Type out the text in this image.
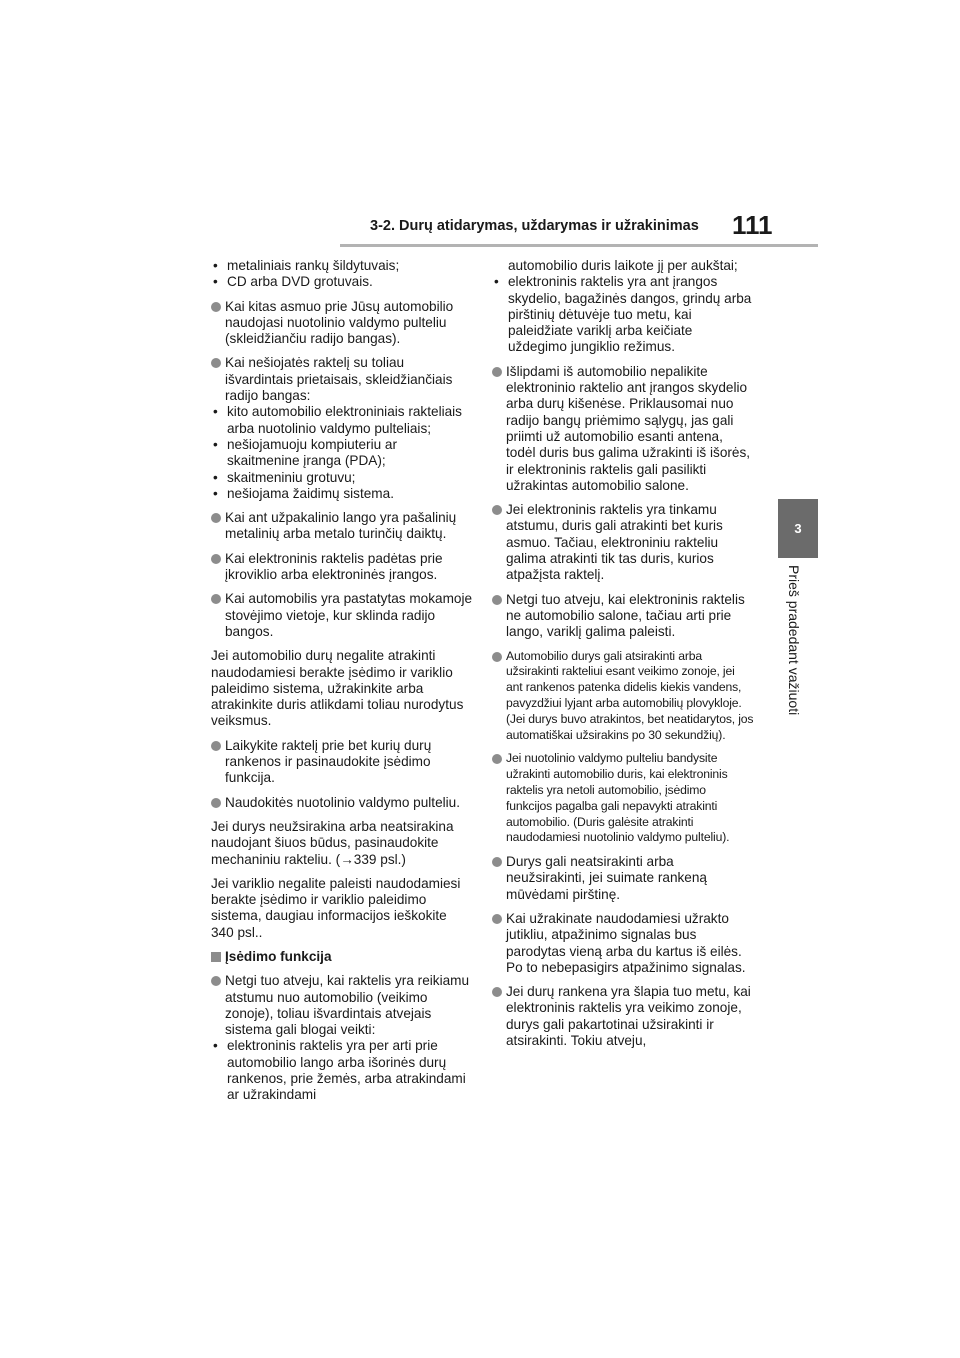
3-2. Durų atidarymas, uždarymas ir užrakinimas 111
3
Prieš pradedant važiuoti
• metaliniais rankų šildytuvais;
• CD arba DVD grotuvais.
Kai kitas asmuo prie Jūsų automobilio naudojasi nuotolinio valdymo pulteliu (skleidžiančiu radijo bangas).
Kai nešiojatės raktelį su toliau išvardintais prietaisais, skleidžiančiais radijo bangas:
• kito automobilio elektroniniais rakteliais arba nuotolinio valdymo pulteliais;
• nešiojamuoju kompiuteriu ar skaitmenine įranga (PDA);
• skaitmeniniu grotuvu;
• nešiojama žaidimų sistema.
Kai ant užpakalinio lango yra pašalinių metalinių arba metalo turinčių daiktų.
Kai elektroninis raktelis padėtas prie įkroviklio arba elektroninės įrangos.
Kai automobilis yra pastatytas mokamoje stovėjimo vietoje, kur sklinda radijo bangos.
Jei automobilio durų negalite atrakinti naudodamiesi berakte įsėdimo ir variklio paleidimo sistema, užrakinkite arba atrakinkite duris atlikdami toliau nurodytus veiksmus.
Laikykite raktelį prie bet kurių durų rankenos ir pasinaudokite įsėdimo funkcija.
Naudokitės nuotolinio valdymo pulteliu.
Jei durys neužsirakina arba neatsirakina naudojant šiuos būdus, pasinaudokite mechaniniu rakteliu. (→339 psl.)
Jei variklio negalite paleisti naudodamiesi berakte įsėdimo ir variklio paleidimo sistema, daugiau informacijos ieškokite 340 psl..
Įsėdimo funkcija
Netgi tuo atveju, kai raktelis yra reikiamu atstumu nuo automobilio (veikimo zonoje), toliau išvardintais atvejais sistema gali blogai veikti:
• elektroninis raktelis yra per arti prie automobilio lango arba išorinės durų rankenos, prie žemės, arba atrakindami ar užrakindami
automobilio duris laikote jį per aukštai;
• elektroninis raktelis yra ant įrangos skydelio, bagažinės dangos, grindų arba pirštinių dėtuvėje tuo metu, kai paleidžiate variklį arba keičiate uždegimo jungiklio režimus.
Išlipdami iš automobilio nepalikite elektroninio raktelio ant įrangos skydelio arba durų kišenėse. Priklausomai nuo radijo bangų priėmimo sąlygų, jas gali priimti už automobilio esanti antena, todėl duris bus galima užrakinti iš išorės, ir elektroninis raktelis gali pasilikti užrakintas automobilio salone.
Jei elektroninis raktelis yra tinkamu atstumu, duris gali atrakinti bet kuris asmuo. Tačiau, elektroniniu rakteliu galima atrakinti tik tas duris, kurios atpažįsta raktelį.
Netgi tuo atveju, kai elektroninis raktelis ne automobilio salone, tačiau arti prie lango, variklį galima paleisti.
Automobilio durys gali atsirakinti arba užsirakinti rakteliui esant veikimo zonoje, jei ant rankenos patenka didelis kiekis vandens, pavyzdžiui lyjant arba automobilių plovykloje. (Jei durys buvo atrakintos, bet neatidarytos, jos automatiškai užsirakins po 30 sekundžių).
Jei nuotolinio valdymo pulteliu bandysite užrakinti automobilio duris, kai elektroninis raktelis yra netoli automobilio, įsėdimo funkcijos pagalba gali nepavykti atrakinti automobilio. (Duris galėsite atrakinti naudodamiesi nuotolinio valdymo pulteliu).
Durys gali neatsirakinti arba neužsirakinti, jei suimate rankeną mūvėdami pirštinę.
Kai užrakinate naudodamiesi užrakto jutikliu, atpažinimo signalas bus parodytas vieną arba du kartus iš eilės. Po to nebepasigirs atpažinimo signalas.
Jei durų rankena yra šlapia tuo metu, kai elektroninis raktelis yra veikimo zonoje, durys gali pakartotinai užsirakinti ir atsirakinti. Tokiu atveju,
